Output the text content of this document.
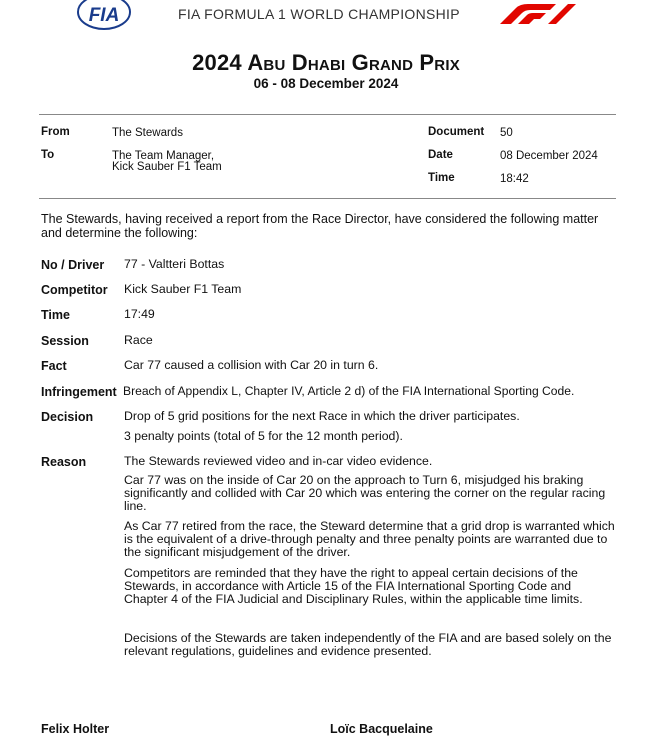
FIA	FIA FORMULA 1 WORLD CHAMPIONSHIP
2024 Abu Dhabi Grand Prix
06 - 08 December 2024
From	The Stewards
To	The Team Manager,
Kick Sauber F1 Team
Document 50
Date	08 December 2024
Time	18:42
The Stewards, having received a report from the Race Director, have considered the following matter and determine the following:
No / Driver 77 - Valtteri Bottas
Competitor Kick Sauber F1 Team
Time	17:49
Session	Race
Fact	Car 77 caused a collision with Car 20 in turn 6.
Infringement Breach of Appendix L, Chapter IV, Article 2 d) of the FIA International Sporting Code.
Decision	Drop of 5 grid positions for the next Race in which the driver participates.
3 penalty points (total of 5 for the 12 month period).
Reason	The Stewards reviewed video and in-car video evidence.
Car 77 was on the inside of Car 20 on the approach to Turn 6, misjudged his braking significantly and collided with Car 20 which was entering the corner on the regular racing line.
As Car 77 retired from the race, the Steward determine that a grid drop is warranted which is the equivalent of a drive-through penalty and three penalty points are warranted due to the significant misjudgement of the driver.
Competitors are reminded that they have the right to appeal certain decisions of the Stewards, in accordance with Article 15 of the FIA International Sporting Code and Chapter 4 of the FIA Judicial and Disciplinary Rules, within the applicable time limits.
Decisions of the Stewards are taken independently of the FIA and are based solely on the relevant regulations, guidelines and evidence presented.
Felix Holter	Loïc Bacquelaine
